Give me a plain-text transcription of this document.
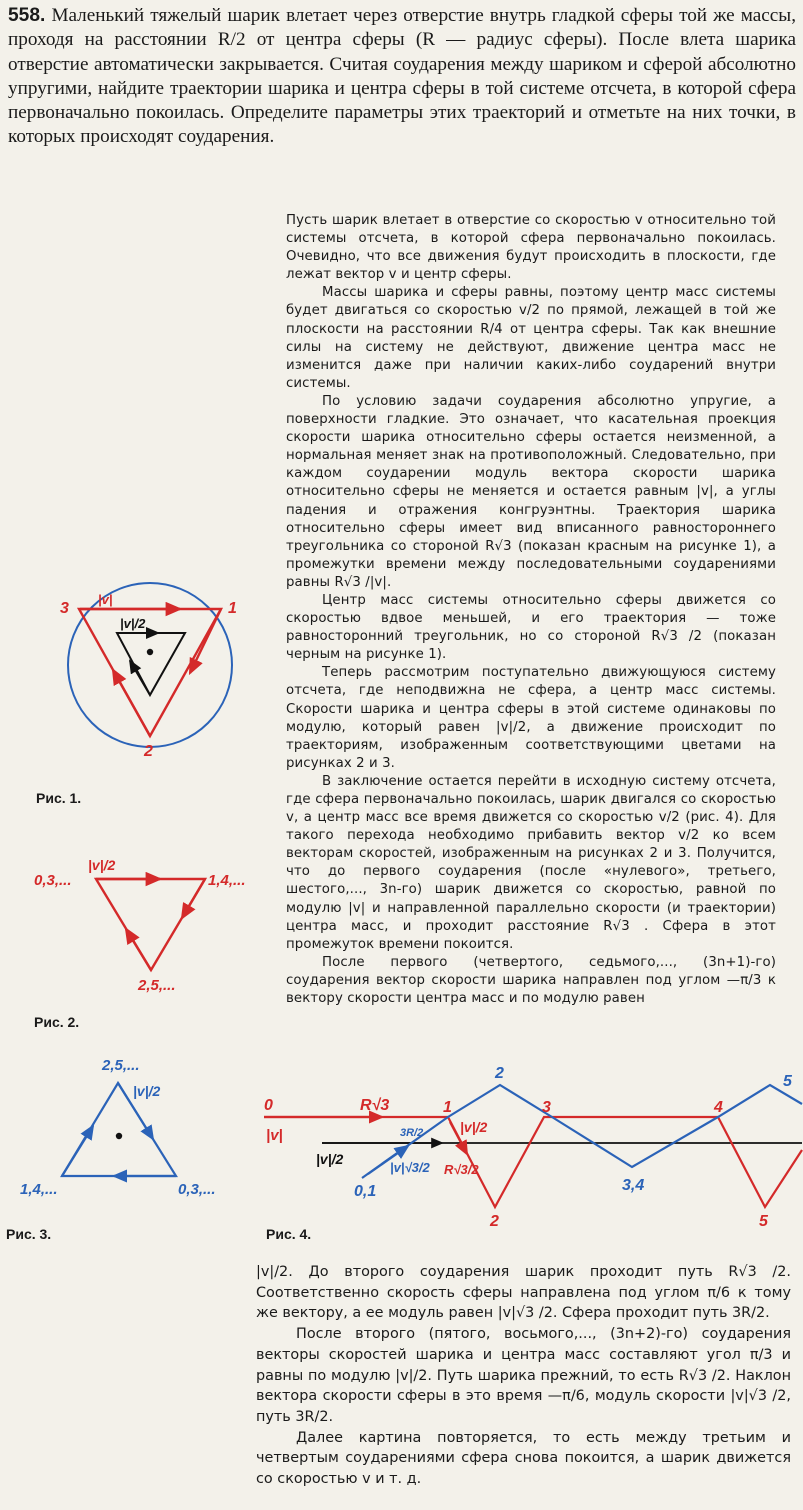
558. Маленький тяжелый шарик влетает через отверстие внутрь гладкой сферы той же массы, проходя на расстоянии R/2 от центра сферы (R — радиус сферы). После влета шарика отверстие автоматически закрывается. Считая соударения между шариком и сферой абсолютно упругими, найдите траектории шарика и центра сферы в той системе отсчета, в которой сфера первоначально покоилась. Определите параметры этих траекторий и отметьте на них точки, в которых происходят соударения.

Пусть шарик влетает в отверстие со скоростью v относительно той системы отсчета, в которой сфера первоначально покоилась. Очевидно, что все движения будут происходить в плоскости, где лежат вектор v и центр сферы.

Массы шарика и сферы равны, поэтому центр масс системы будет двигаться со скоростью v/2 по прямой, лежащей в той же плоскости на расстоянии R/4 от центра сферы. Так как внешние силы на систему не действуют, движение центра масс не изменится даже при наличии каких-либо соударений внутри системы.

По условию задачи соударения абсолютно упругие, а поверхности гладкие. Это означает, что касательная проекция скорости шарика относительно сферы остается неизменной, а нормальная меняет знак на противоположный. Следовательно, при каждом соударении модуль вектора скорости шарика относительно сферы не меняется и остается равным |v|, а углы падения и отражения конгруэнтны. Траектория шарика относительно сферы имеет вид вписанного равностороннего треугольника со стороной R√3 (показан красным на рисунке 1), а промежутки времени между последовательными соударениями равны R√3 /|v|.

Центр масс системы относительно сферы движется со скоростью вдвое меньшей, и его траектория — тоже равносторонний треугольник, но со стороной R√3 /2 (показан черным на рисунке 1).

Теперь рассмотрим поступательно движующуюся систему отсчета, где неподвижна не сфера, а центр масс системы. Скорости шарика и центра сферы в этой системе одинаковы по модулю, который равен |v|/2, а движение происходит по траекториям, изображенным соответствующими цветами на рисунках 2 и 3.

В заключение остается перейти в исходную систему отсчета, где сфера первоначально покоилась, шарик двигался со скоростью v, а центр масс все время движется со скоростью v/2 (рис. 4). Для такого перехода необходимо прибавить вектор v/2 ко всем векторам скоростей, изображенным на рисунках 2 и 3. Получится, что до первого соударения (после «нулевого», третьего, шестого,..., 3n-го) шарик движется со скоростью, равной по модулю |v| и направленной параллельно скорости (и траектории) центра масс, и проходит расстояние R√3 . Сфера в этот промежуток времени покоится.

После первого (четвертого, седьмого,..., (3n+1)-го) соударения вектор скорости шарика направлен под углом —π/3 к вектору скорости центра масс и по модулю равен

3	1
2
|v|
|v|/2
Рис. 1.
0,3,...	1,4,...
2,5,...
|v|/2
Рис. 2.
2,5,...
1,4,...	0,3,...
|v|/2
Рис. 3.
0
|v|
R√3	1
2
3	4
5
|v|/2
|v|/2
3R/2
0,1
|v|√3/2 R√3/2
2
3,4
5
Рис. 4.

|v|/2. До второго соударения шарик проходит путь R√3 /2. Соответственно скорость сферы направлена под углом π/6 к тому же вектору, а ее модуль равен |v|√3 /2. Сфера проходит путь 3R/2.

После второго (пятого, восьмого,..., (3n+2)-го) соударения векторы скоростей шарика и центра масс составляют угол π/3 и равны по модулю |v|/2. Путь шарика прежний, то есть R√3 /2. Наклон вектора скорости сферы в это время —π/6, модуль скорости |v|√3 /2, путь 3R/2.

Далее картина повторяется, то есть между третьим и четвертым соударениями сфера снова покоится, а шарик движется со скоростью v и т. д.
